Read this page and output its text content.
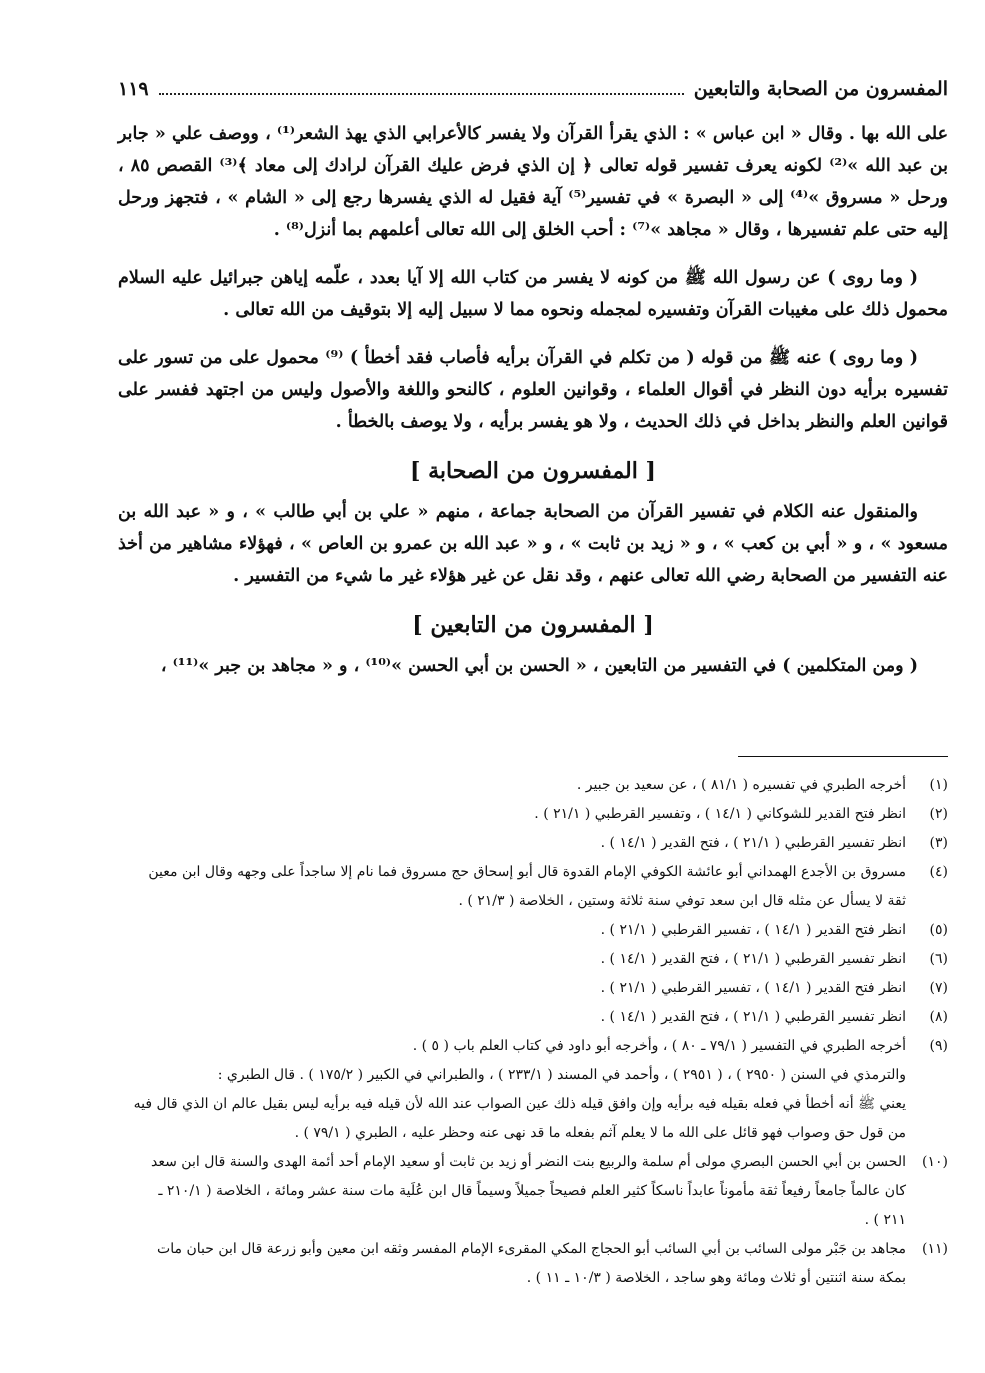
المفسرون من الصحابة والتابعين
١١٩

على الله بها . وقال « ابن عباس » : الذي يقرأ القرآن ولا يفسر كالأعرابي الذي يهذ الشعر⁽¹⁾ ، ووصف علي « جابر بن عبد الله »⁽²⁾ لكونه يعرف تفسير قوله تعالى ﴿ إن الذي فرض عليك القرآن لرادك إلى معاد ﴾⁽³⁾ القصص ٨٥ ، ورحل « مسروق »⁽⁴⁾ إلى « البصرة » في تفسير⁽⁵⁾ آية فقيل له الذي يفسرها رجع إلى « الشام » ، فتجهز ورحل إليه حتى علم تفسيرها ، وقال « مجاهد »⁽⁷⁾ : أحب الخلق إلى الله تعالى أعلمهم بما أنزل⁽⁸⁾ .

( وما روى ) عن رسول الله ﷺ من كونه لا يفسر من كتاب الله إلا آيا بعدد ، علّمه إياهن جبرائيل عليه السلام محمول ذلك على مغيبات القرآن وتفسيره لمجمله ونحوه مما لا سبيل إليه إلا بتوقيف من الله تعالى .

( وما روى ) عنه ﷺ من قوله ( من تكلم في القرآن برأيه فأصاب فقد أخطأ ) ⁽⁹⁾ محمول على من تسور على تفسيره برأيه دون النظر في أقوال العلماء ، وقوانين العلوم ، كالنحو واللغة والأصول وليس من اجتهد ففسر على قوانين العلم والنظر بداخل في ذلك الحديث ، ولا هو يفسر برأيه ، ولا يوصف بالخطأ .

[ المفسرون من الصحابة ]

والمنقول عنه الكلام في تفسير القرآن من الصحابة جماعة ، منهم « علي بن أبي طالب » ، و « عبد الله بن مسعود » ، و « أبي بن كعب » ، و « زيد بن ثابت » ، و « عبد الله بن عمرو بن العاص » ، فهؤلاء مشاهير من أخذ عنه التفسير من الصحابة رضي الله تعالى عنهم ، وقد نقل عن غير هؤلاء غير ما شيء من التفسير .

[ المفسرون من التابعين ]

( ومن المتكلمين ) في التفسير من التابعين ، « الحسن بن أبي الحسن »⁽¹⁰⁾ ، و « مجاهد بن جبر »⁽¹¹⁾ ،

(١)
أخرجه الطبري في تفسيره ( ٨١/١ ) ، عن سعيد بن جبير .
(٢)
انظر فتح القدير للشوكاني ( ١٤/١ ) ، وتفسير القرطبي ( ٢١/١ ) .
(٣)
انظر تفسير القرطبي ( ٢١/١ ) ، فتح القدير ( ١٤/١ ) .
(٤)
مسروق بن الأجدع الهمداني أبو عائشة الكوفي الإمام القدوة قال أبو إسحاق حج مسروق فما نام إلا ساجداً على وجهه وقال ابن معين
ثقة لا يسأل عن مثله قال ابن سعد توفي سنة ثلاثة وستين ، الخلاصة ( ٢١/٣ ) .
(٥)
انظر فتح القدير ( ١٤/١ ) ، تفسير القرطبي ( ٢١/١ ) .
(٦)
انظر تفسير القرطبي ( ٢١/١ ) ، فتح القدير ( ١٤/١ ) .
(٧)
انظر فتح القدير ( ١٤/١ ) ، تفسير القرطبي ( ٢١/١ ) .
(٨)
انظر تفسير القرطبي ( ٢١/١ ) ، فتح القدير ( ١٤/١ ) .
(٩)
أخرجه الطبري في التفسير ( ٧٩/١ ـ ٨٠ ) ، وأخرجه أبو داود في كتاب العلم باب ( ٥ ) .
والترمذي في السنن ( ٢٩٥٠ ) ، ( ٢٩٥١ ) ، وأحمد في المسند ( ٢٣٣/١ ) ، والطبراني في الكبير ( ١٧٥/٢ ) . قال الطبري :
يعني ﷺ أنه أخطأ في فعله بقيله فيه برأيه وإن وافق قيله ذلك عين الصواب عند الله لأن قيله فيه برأيه ليس بقيل عالم ان الذي قال فيه
من قول حق وصواب فهو قائل على الله ما لا يعلم آثم بفعله ما قد نهى عنه وحظر عليه ، الطبري ( ٧٩/١ ) .
(١٠)
الحسن بن أبي الحسن البصري مولى أم سلمة والربيع بنت النضر أو زيد بن ثابت أو سعيد الإمام أحد أئمة الهدى والسنة قال ابن سعد
كان عالماً جامعاً رفيعاً ثقة مأموناً عابداً ناسكاً كثير العلم فصيحاً جميلاً وسيماً قال ابن عُلَية مات سنة عشر ومائة ، الخلاصة ( ٢١٠/١ ـ
٢١١ ) .
(١١)
مجاهد بن جَبْر مولى السائب بن أبي السائب أبو الحجاج المكي المقرىء الإمام المفسر وثقه ابن معين وأبو زرعة قال ابن حبان مات
بمكة سنة اثنتين أو ثلاث ومائة وهو ساجد ، الخلاصة ( ١٠/٣ ـ ١١ ) .
